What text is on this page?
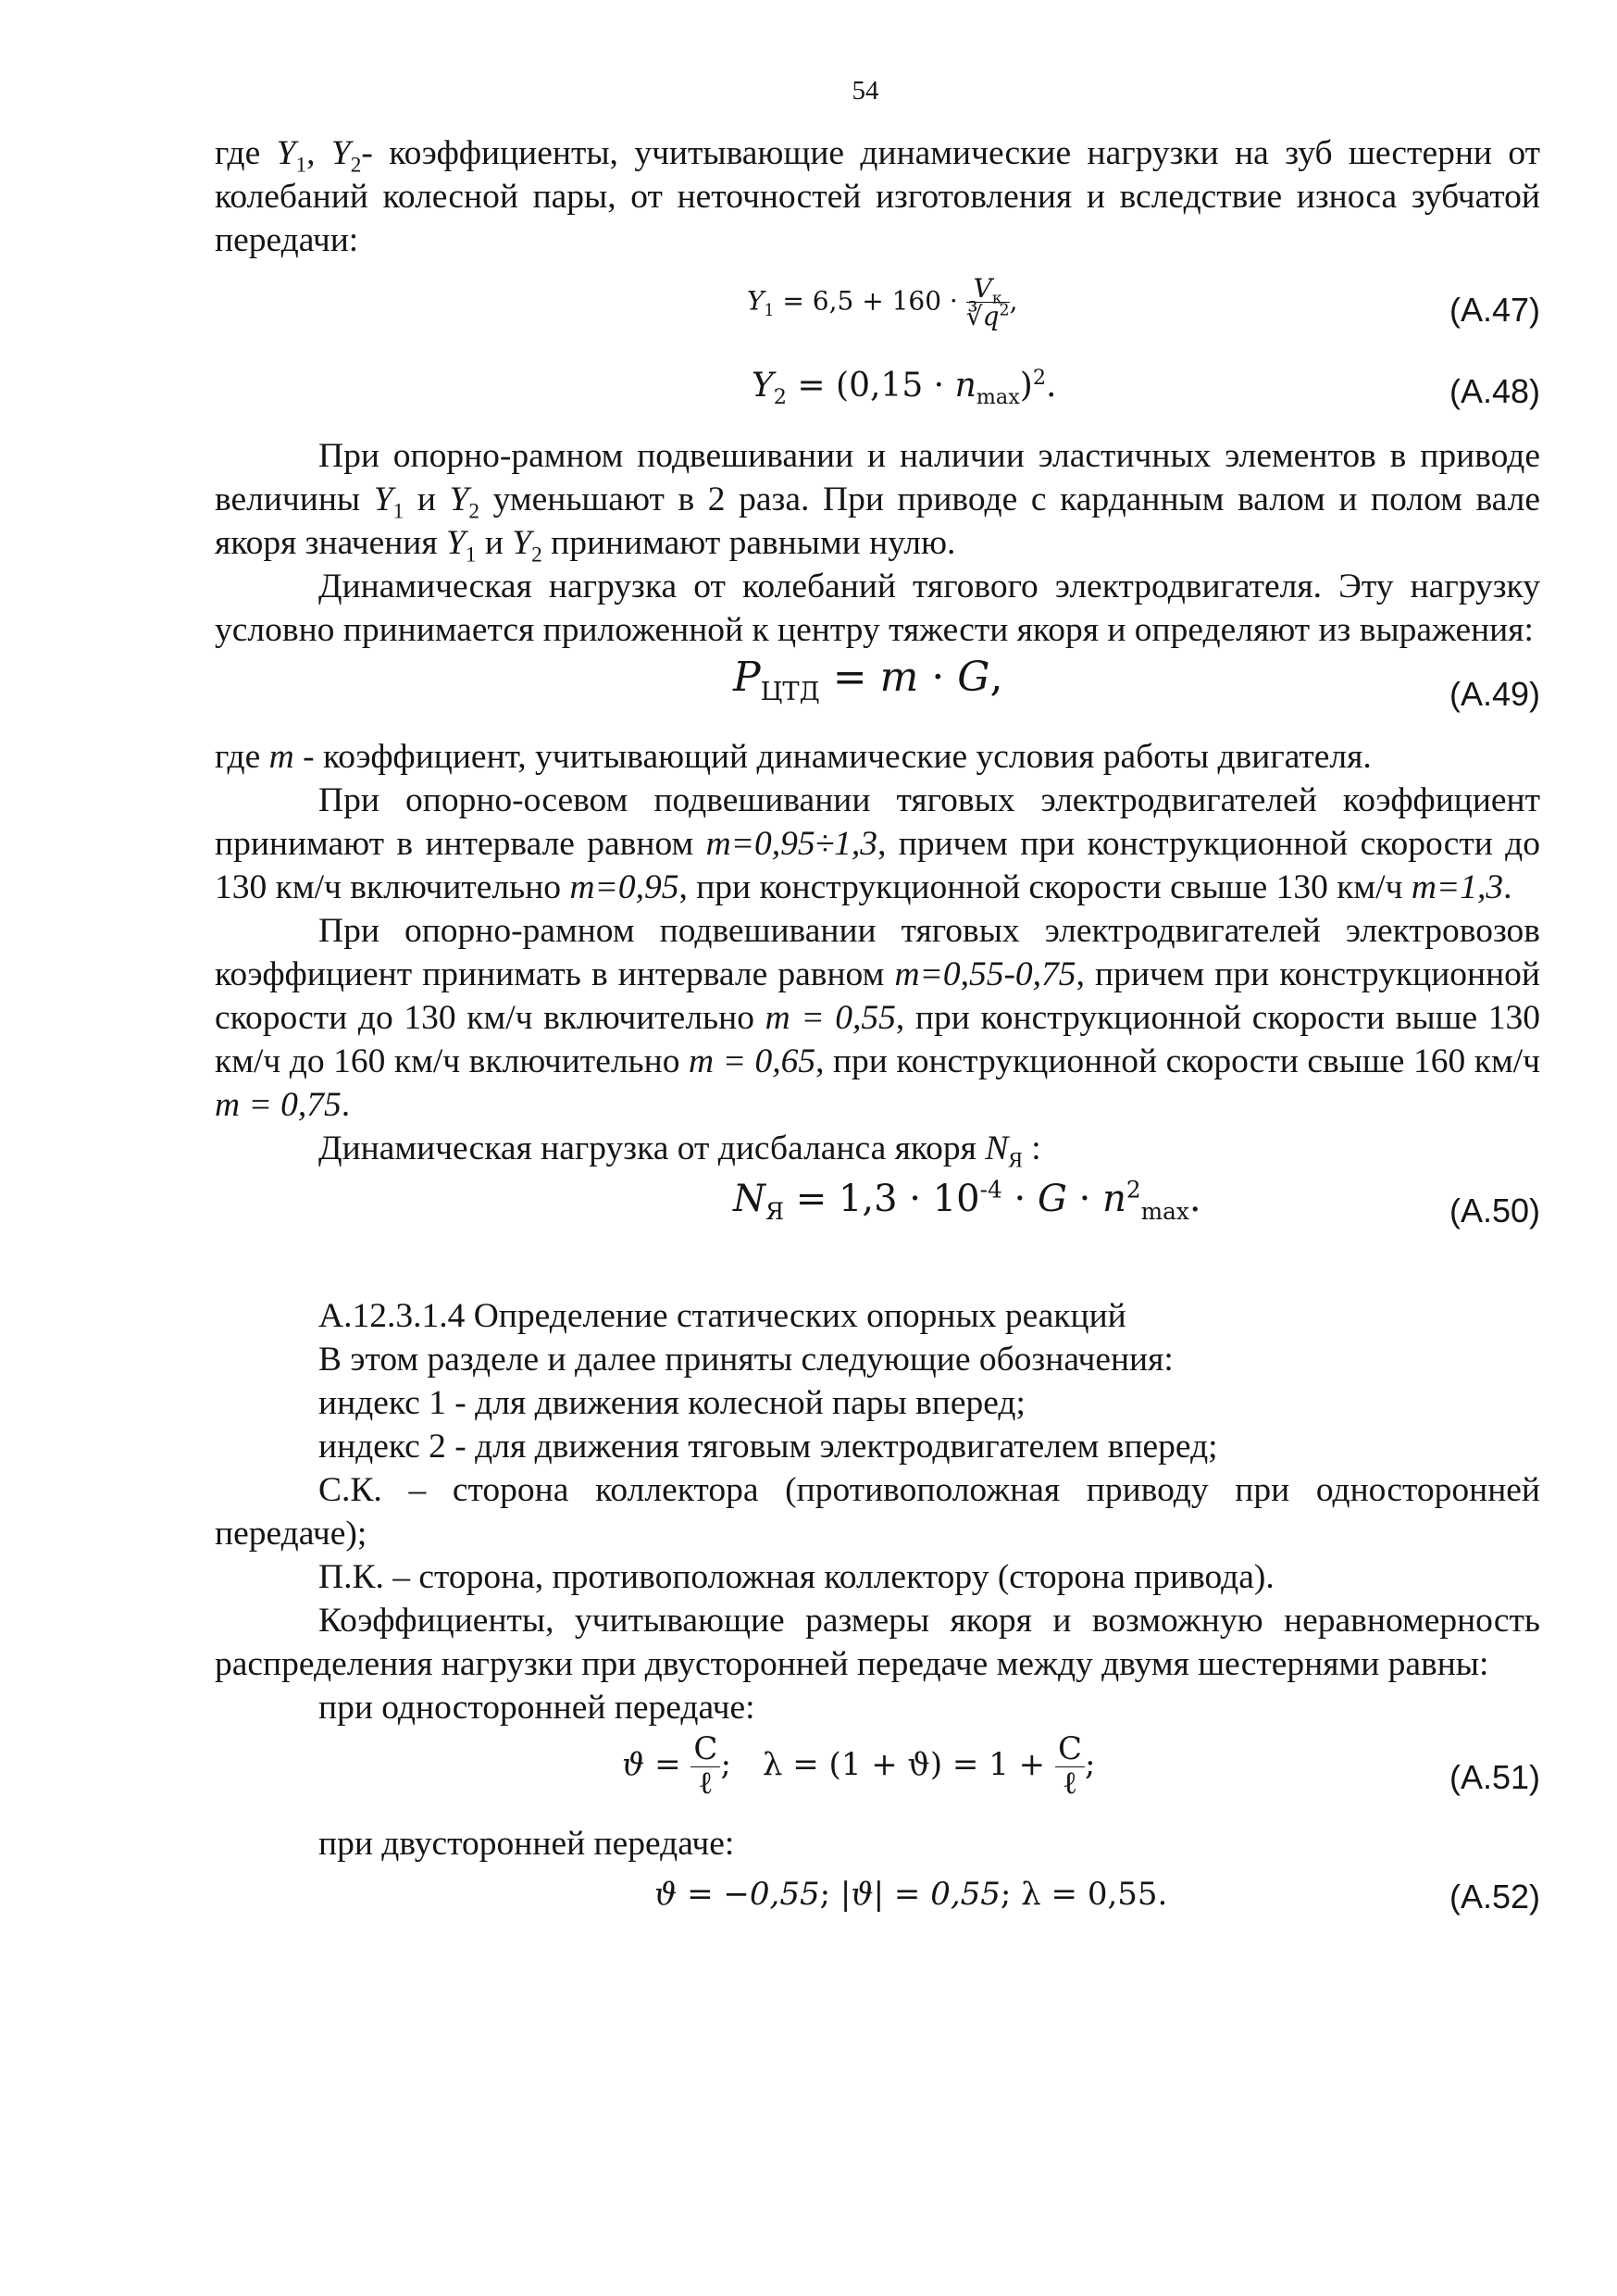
54

где $Y_1$, $Y_2-$ коэффициенты, учитывающие динамические нагрузки на зуб шестерни от колебаний колесной пары, от неточностей изготовления и вследствие износа зубчатой передачи:

$Y_1 = 6,5 + 160 \cdot \frac{V_к}{∛q^2}$ ,	(А.47)
$Y_2 = (0,15 \cdot n_{max})^2$.	(А.48)

При опорно-рамном подвешивании и наличии эластичных элементов в приводе величины $Y_1$ и $Y_2$ уменьшают в 2 раза. При приводе с карданным валом и полом вале якоря значения $Y_1$ и $Y_2$ принимают равными нулю.

Динамическая нагрузка от колебаний тягового электродвигателя. Эту нагрузку условно принимается приложенной к центру тяжести якоря и определяют из выражения:

$P_{ЦТД} = m \cdot G$,	(А.49)

где m - коэффициент, учитывающий динамические условия работы двигателя.

При опорно-осевом подвешивании тяговых электродвигателей коэффициент принимают в интервале равном m=0,95÷1,3, причем при конструкционной скорости до 130 км/ч включительно m=0,95, при конструкционной скорости свыше 130 км/ч m=1,3.

При опорно-рамном подвешивании тяговых электродвигателей электровозов коэффициент принимать в интервале равном m=0,55-0,75, причем при конструкционной скорости до 130 км/ч включительно m = 0,55, при конструкционной скорости выше 130 км/ч до 160 км/ч включительно m = 0,65, при конструкционной скорости свыше 160 км/ч m = 0,75.

Динамическая нагрузка от дисбаланса якоря $N_Я$ :

$N_Я = 1,3 \cdot 10^{-4} \cdot G \cdot n^2_{max}$.	(А.50)

А.12.3.1.4 Определение статических опорных реакций

В этом разделе и далее приняты следующие обозначения:

индекс 1 - для движения колесной пары вперед;

индекс 2 - для движения тяговым электродвигателем вперед;

С.К. – сторона коллектора (противоположная приводу при односторонней передаче);

П.К. – сторона, противоположная коллектору (сторона привода).

Коэффициенты, учитывающие размеры якоря и возможную неравномерность распределения нагрузки при двусторонней передаче между двумя шестернями равны:

при односторонней передаче:

$ϑ = \frac{C}{\text{ℓ}}$ ; $\lambda = (1 + ϑ) = 1 + \frac{C}{\text{ℓ}}$ ;	(А.51)

при двусторонней передаче:

ϑ = −0,55; |ϑ| = 0,55; λ = 0,55.	(А.52)
